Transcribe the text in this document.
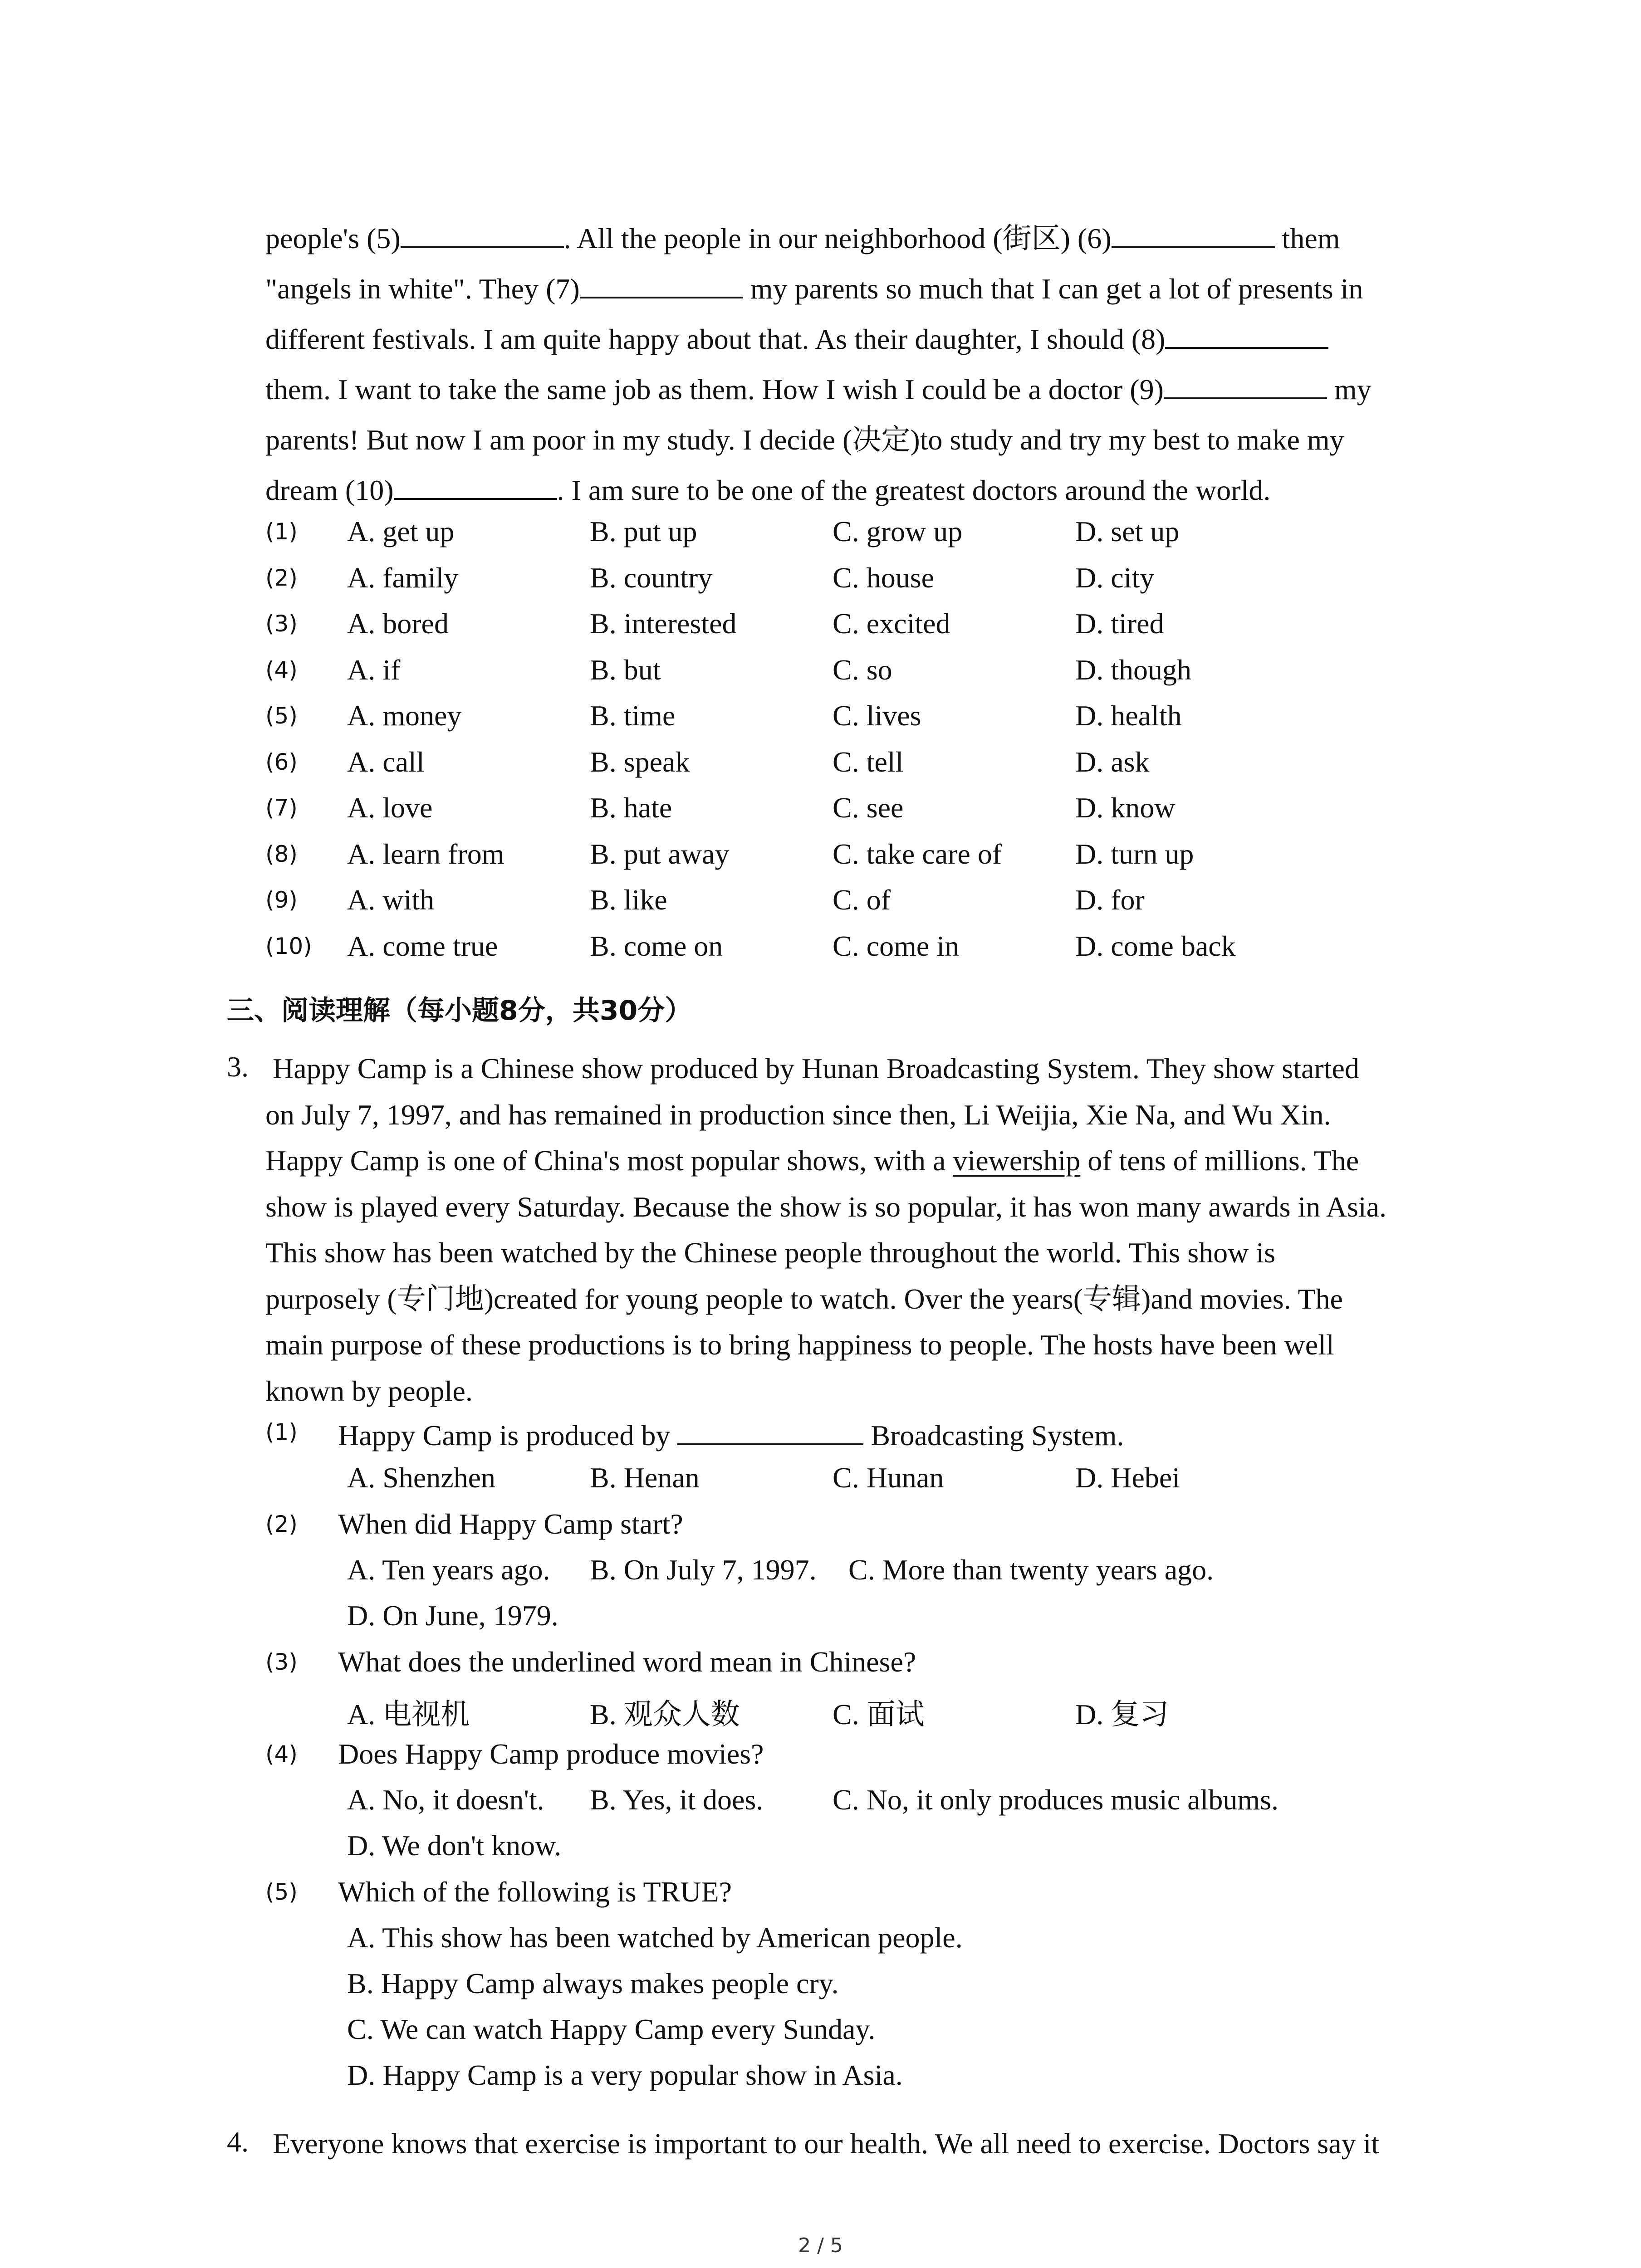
people's (5)	. All the people in our neighborhood (街区) (6)	them
"angels in white". They (7)	my parents so much that I can get a lot of presents in
different festivals. I am quite happy about that. As their daughter, I should (8)
them. I want to take the same job as them. How I wish I could be a doctor (9)	my
parents! But now I am poor in my study. I decide (决定)to study and try my best to make my
dream (10)	. I am sure to be one of the greatest doctors around the world.
(1) A. get up	B. put up	C. grow up	D. set up
(2) A. family	B. country	C. house	D. city
(3) A. bored	B. interested	C. excited	D. tired
(4) A. if	B. but	C. so	D. though
(5) A. money	B. time	C. lives	D. health
(6) A. call	B. speak	C. tell	D. ask
(7) A. love	B. hate	C. see	D. know
(8) A. learn from	B. put away	C. take care of	D. turn up
(9) A. with	B. like	C. of	D. for
(10) A. come true	B. come on	C. come in	D. come back
三、阅读理解（每小题8分，共30分）
3. Happy Camp is a Chinese show produced by Hunan Broadcasting System. They show started
on July 7, 1997, and has remained in production since then, Li Weijia, Xie Na, and Wu Xin.
Happy Camp is one of China's most popular shows, with a viewership of tens of millions. The
show is played every Saturday. Because the show is so popular, it has won many awards in Asia.
This show has been watched by the Chinese people throughout the world. This show is
purposely (专门地)created for young people to watch. Over the years(专辑)and movies. The
main purpose of these productions is to bring happiness to people. The hosts have been well
known by people.
(1) Happy Camp is produced by	Broadcasting System.
A. Shenzhen	B. Henan	C. Hunan	D. Hebei
(2) When did Happy Camp start?
A. Ten years ago. B. On July 7, 1997. C. More than twenty years ago.
D. On June, 1979.
(3) What does the underlined word mean in Chinese?
A. 电视机	B. 观众人数	C. 面试	D. 复习
(4) Does Happy Camp produce movies?
A. No, it doesn't. B. Yes, it does. C. No, it only produces music albums.
D. We don't know.
(5) Which of the following is TRUE?
A. This show has been watched by American people.
B. Happy Camp always makes people cry.
C. We can watch Happy Camp every Sunday.
D. Happy Camp is a very popular show in Asia.
4. Everyone knows that exercise is important to our health. We all need to exercise. Doctors say it
2 / 5
